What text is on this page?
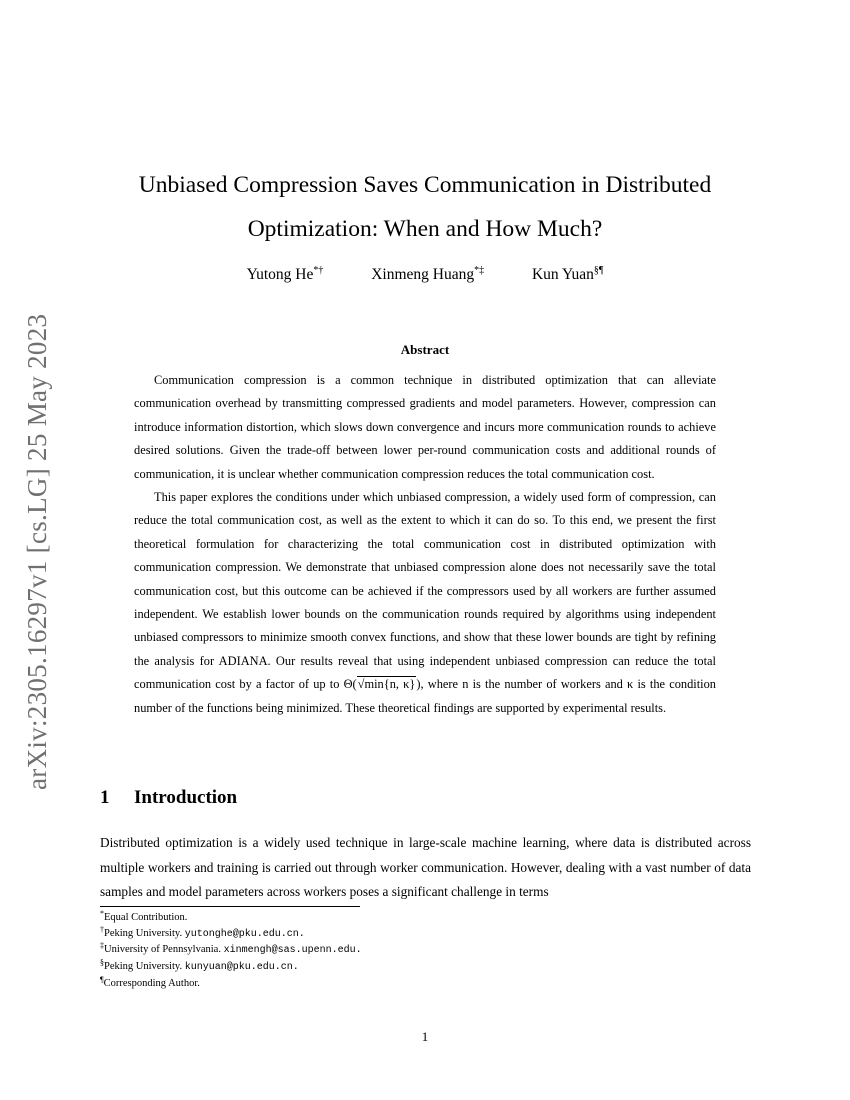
arXiv:2305.16297v1 [cs.LG] 25 May 2023
Unbiased Compression Saves Communication in Distributed
Optimization: When and How Much?
Yutong He*†	Xinmeng Huang*‡	Kun Yuan§¶
Abstract

Communication compression is a common technique in distributed optimization that can alleviate communication overhead by transmitting compressed gradients and model parameters. However, compression can introduce information distortion, which slows down convergence and incurs more communication rounds to achieve desired solutions. Given the trade-off between lower per-round communication costs and additional rounds of communication, it is unclear whether communication compression reduces the total communication cost.

This paper explores the conditions under which unbiased compression, a widely used form of compression, can reduce the total communication cost, as well as the extent to which it can do so. To this end, we present the first theoretical formulation for characterizing the total communication cost in distributed optimization with communication compression. We demonstrate that unbiased compression alone does not necessarily save the total communication cost, but this outcome can be achieved if the compressors used by all workers are further assumed independent. We establish lower bounds on the communication rounds required by algorithms using independent unbiased compressors to minimize smooth convex functions, and show that these lower bounds are tight by refining the analysis for ADIANA. Our results reveal that using independent unbiased compression can reduce the total communication cost by a factor of up to Θ(√min{n, κ}), where n is the number of workers and κ is the condition number of the functions being minimized. These theoretical findings are supported by experimental results.

1 Introduction

Distributed optimization is a widely used technique in large-scale machine learning, where data is distributed across multiple workers and training is carried out through worker communication. However, dealing with a vast number of data samples and model parameters across workers poses a significant challenge in terms

*Equal Contribution.
†Peking University. yutonghe@pku.edu.cn.
‡University of Pennsylvania. xinmengh@sas.upenn.edu.
§Peking University. kunyuan@pku.edu.cn.
¶Corresponding Author.
1
